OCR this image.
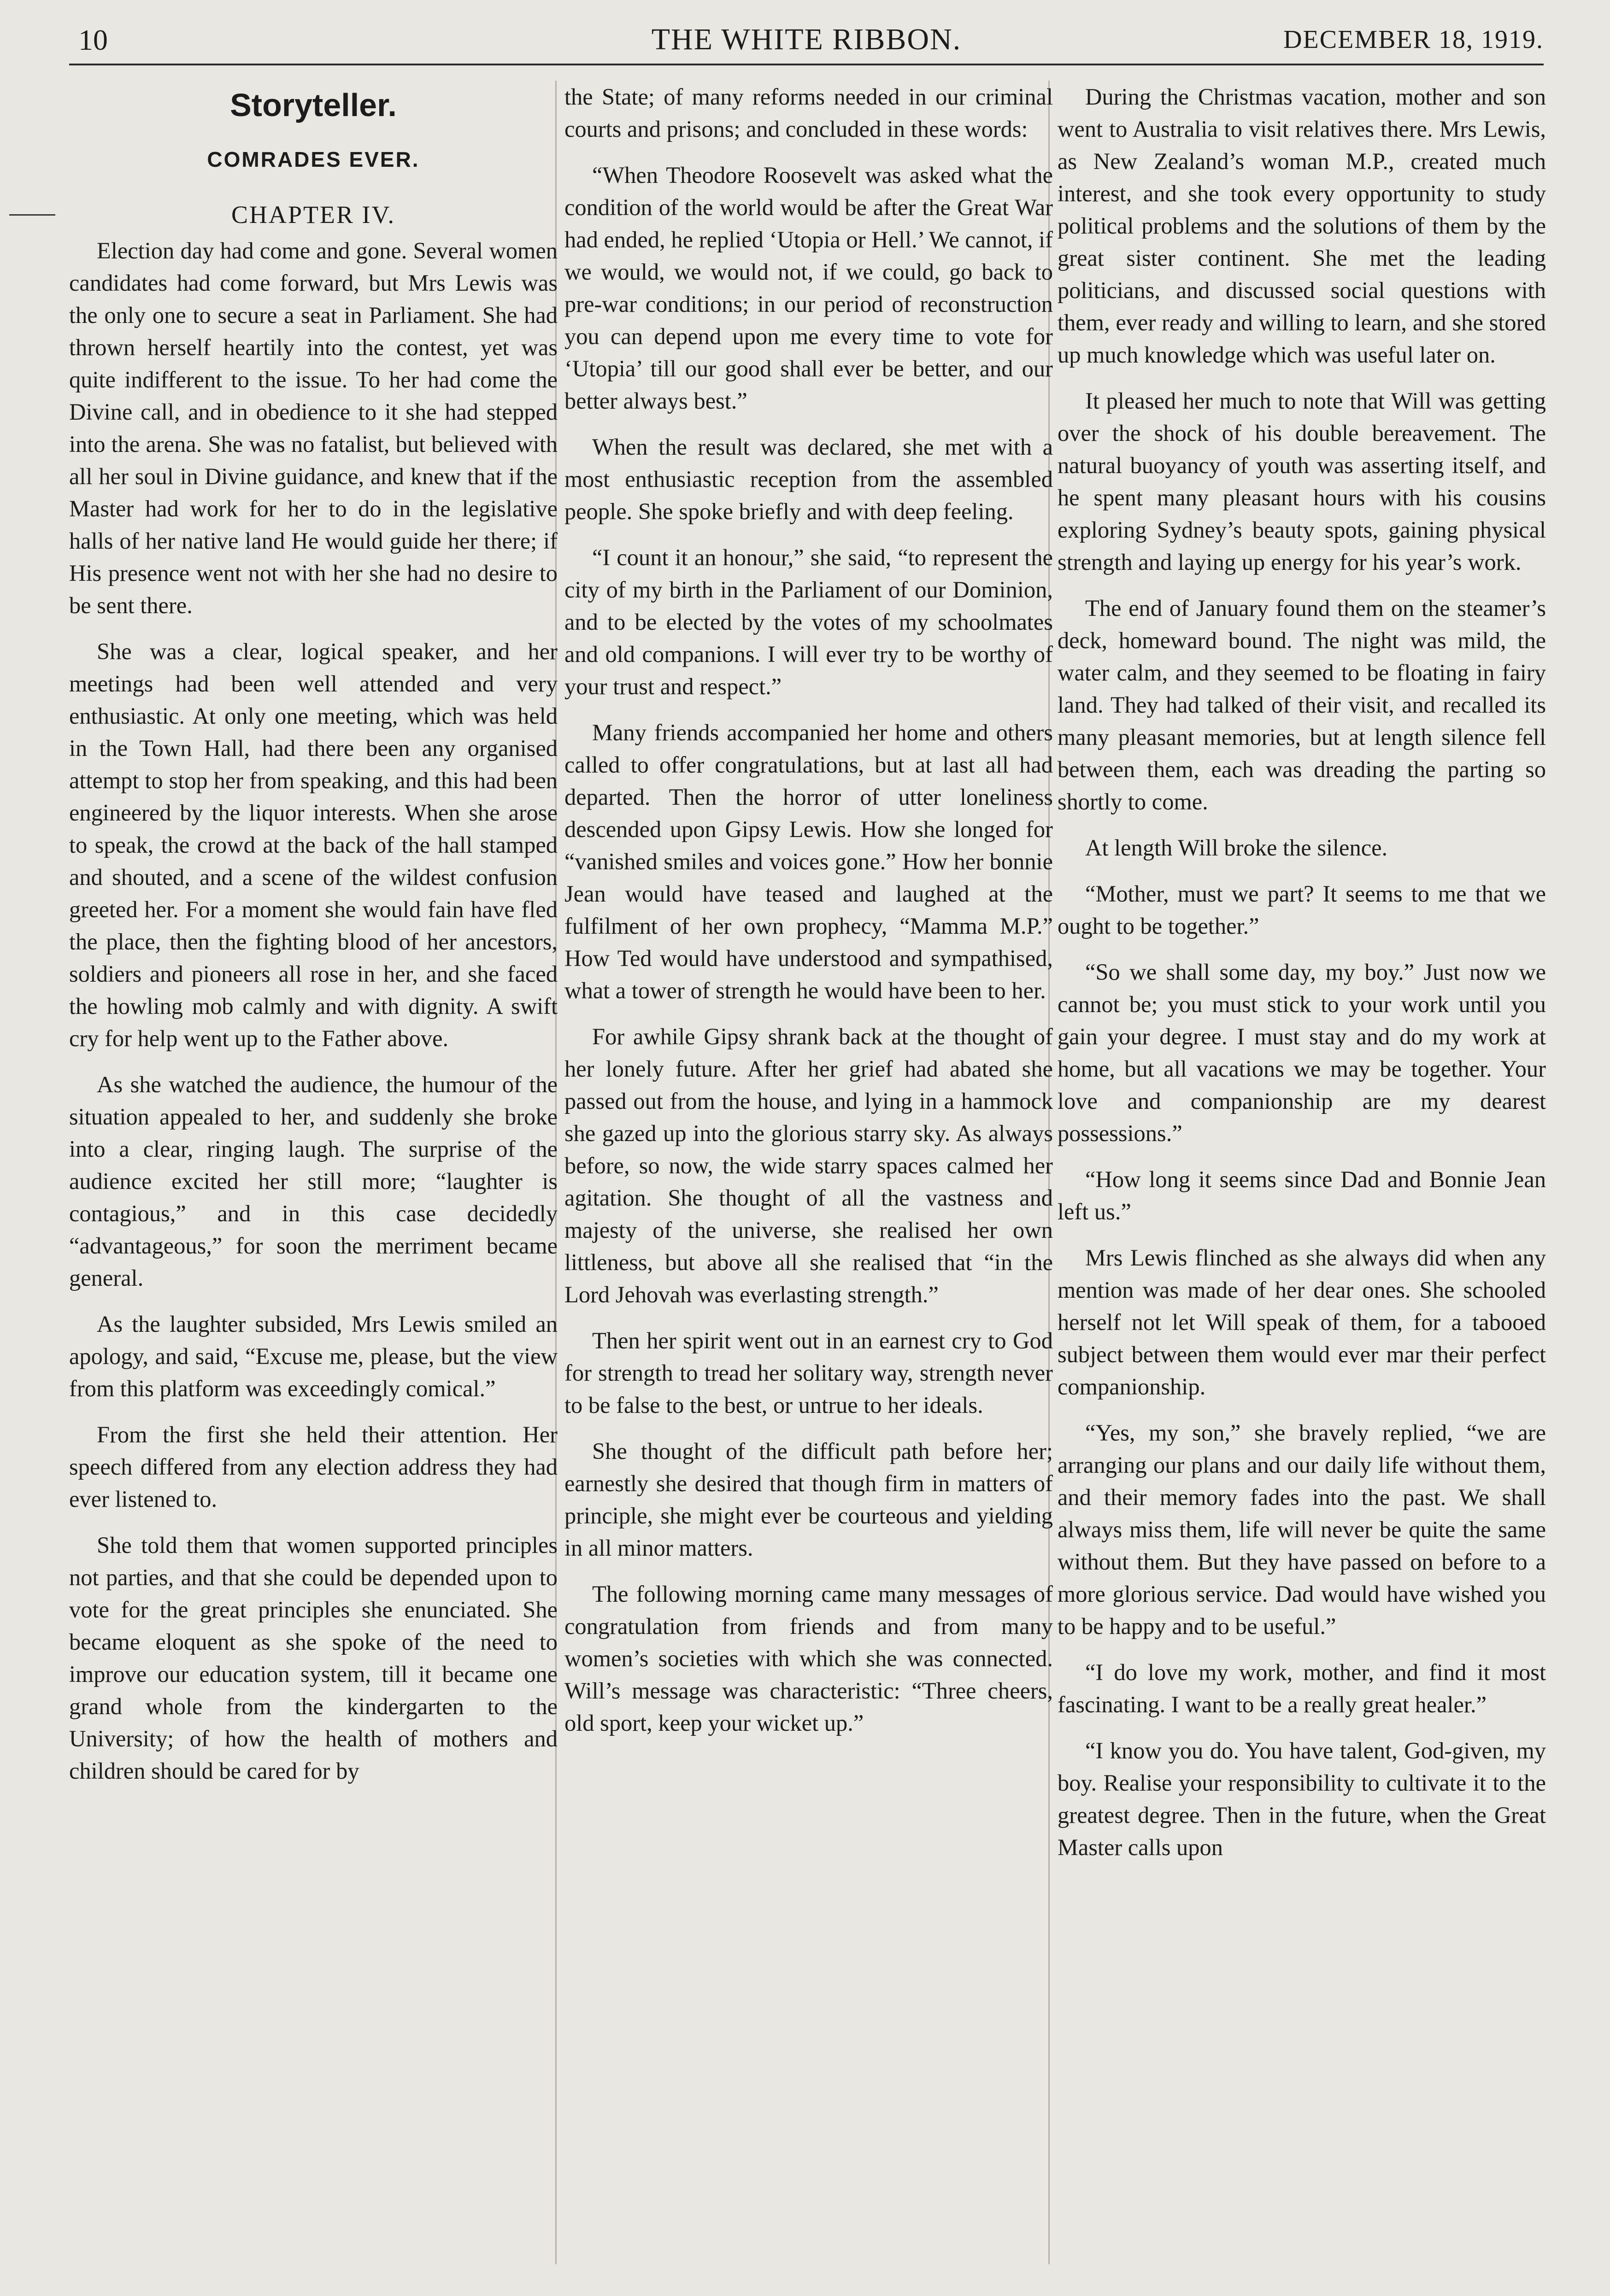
10	THE WHITE RIBBON.	DECEMBER 18, 1919.
Storyteller.
COMRADES EVER.
CHAPTER IV.

Election day had come and gone. Several women candidates had come forward, but Mrs Lewis was the only one to secure a seat in Parliament. She had thrown herself heartily into the contest, yet was quite indifferent to the issue. To her had come the Divine call, and in obedience to it she had stepped into the arena. She was no fatalist, but believed with all her soul in Divine guidance, and knew that if the Master had work for her to do in the legislative halls of her native land He would guide her there; if His presence went not with her she had no desire to be sent there.

She was a clear, logical speaker, and her meetings had been well attended and very enthusiastic. At only one meeting, which was held in the Town Hall, had there been any organised attempt to stop her from speaking, and this had been engineered by the liquor interests. When she arose to speak, the crowd at the back of the hall stamped and shouted, and a scene of the wildest confusion greeted her. For a moment she would fain have fled the place, then the fighting blood of her ancestors, soldiers and pioneers all rose in her, and she faced the howling mob calmly and with dignity. A swift cry for help went up to the Father above.

As she watched the audience, the humour of the situation appealed to her, and suddenly she broke into a clear, ringing laugh. The surprise of the audience excited her still more; “laughter is contagious,” and in this case decidedly “advantageous,” for soon the merriment became general.

As the laughter subsided, Mrs Lewis smiled an apology, and said, “Excuse me, please, but the view from this platform was exceedingly comical.”

From the first she held their attention. Her speech differed from any election address they had ever listened to.

She told them that women supported principles not parties, and that she could be depended upon to vote for the great principles she enunciated. She became eloquent as she spoke of the need to improve our education system, till it became one grand whole from the kindergarten to the University; of how the health of mothers and children should be cared for by

the State; of many reforms needed in our criminal courts and prisons; and concluded in these words:

“When Theodore Roosevelt was asked what the condition of the world would be after the Great War had ended, he replied ‘Utopia or Hell.’ We cannot, if we would, we would not, if we could, go back to pre-war conditions; in our period of reconstruction you can depend upon me every time to vote for ‘Utopia’ till our good shall ever be better, and our better always best.”

When the result was declared, she met with a most enthusiastic reception from the assembled people. She spoke briefly and with deep feeling.

“I count it an honour,” she said, “to represent the city of my birth in the Parliament of our Dominion, and to be elected by the votes of my schoolmates and old companions. I will ever try to be worthy of your trust and respect.”

Many friends accompanied her home and others called to offer congratulations, but at last all had departed. Then the horror of utter loneliness descended upon Gipsy Lewis. How she longed for “vanished smiles and voices gone.” How her bonnie Jean would have teased and laughed at the fulfilment of her own prophecy, “Mamma M.P.” How Ted would have understood and sympathised, what a tower of strength he would have been to her.

For awhile Gipsy shrank back at the thought of her lonely future. After her grief had abated she passed out from the house, and lying in a hammock she gazed up into the glorious starry sky. As always before, so now, the wide starry spaces calmed her agitation. She thought of all the vastness and majesty of the universe, she realised her own littleness, but above all she realised that “in the Lord Jehovah was everlasting strength.”

Then her spirit went out in an earnest cry to God for strength to tread her solitary way, strength never to be false to the best, or untrue to her ideals.

She thought of the difficult path before her; earnestly she desired that though firm in matters of principle, she might ever be courteous and yielding in all minor matters.

The following morning came many messages of congratulation from friends and from many women’s societies with which she was connected. Will’s message was characteristic: “Three cheers, old sport, keep your wicket up.”

During the Christmas vacation, mother and son went to Australia to visit relatives there. Mrs Lewis, as New Zealand’s woman M.P., created much interest, and she took every opportunity to study political problems and the solutions of them by the great sister continent. She met the leading politicians, and discussed social questions with them, ever ready and willing to learn, and she stored up much knowledge which was useful later on.

It pleased her much to note that Will was getting over the shock of his double bereavement. The natural buoyancy of youth was asserting itself, and he spent many pleasant hours with his cousins exploring Sydney’s beauty spots, gaining physical strength and laying up energy for his year’s work.

The end of January found them on the steamer’s deck, homeward bound. The night was mild, the water calm, and they seemed to be floating in fairy land. They had talked of their visit, and recalled its many pleasant memories, but at length silence fell between them, each was dreading the parting so shortly to come.

At length Will broke the silence.

“Mother, must we part? It seems to me that we ought to be together.”

“So we shall some day, my boy.” Just now we cannot be; you must stick to your work until you gain your degree. I must stay and do my work at home, but all vacations we may be together. Your love and companionship are my dearest possessions.”

“How long it seems since Dad and Bonnie Jean left us.”

Mrs Lewis flinched as she always did when any mention was made of her dear ones. She schooled herself not let Will speak of them, for a tabooed subject between them would ever mar their perfect companionship.

“Yes, my son,” she bravely replied, “we are arranging our plans and our daily life without them, and their memory fades into the past. We shall always miss them, life will never be quite the same without them. But they have passed on before to a more glorious service. Dad would have wished you to be happy and to be useful.”

“I do love my work, mother, and find it most fascinating. I want to be a really great healer.”

“I know you do. You have talent, God-given, my boy. Realise your responsibility to cultivate it to the greatest degree. Then in the future, when the Great Master calls upon
